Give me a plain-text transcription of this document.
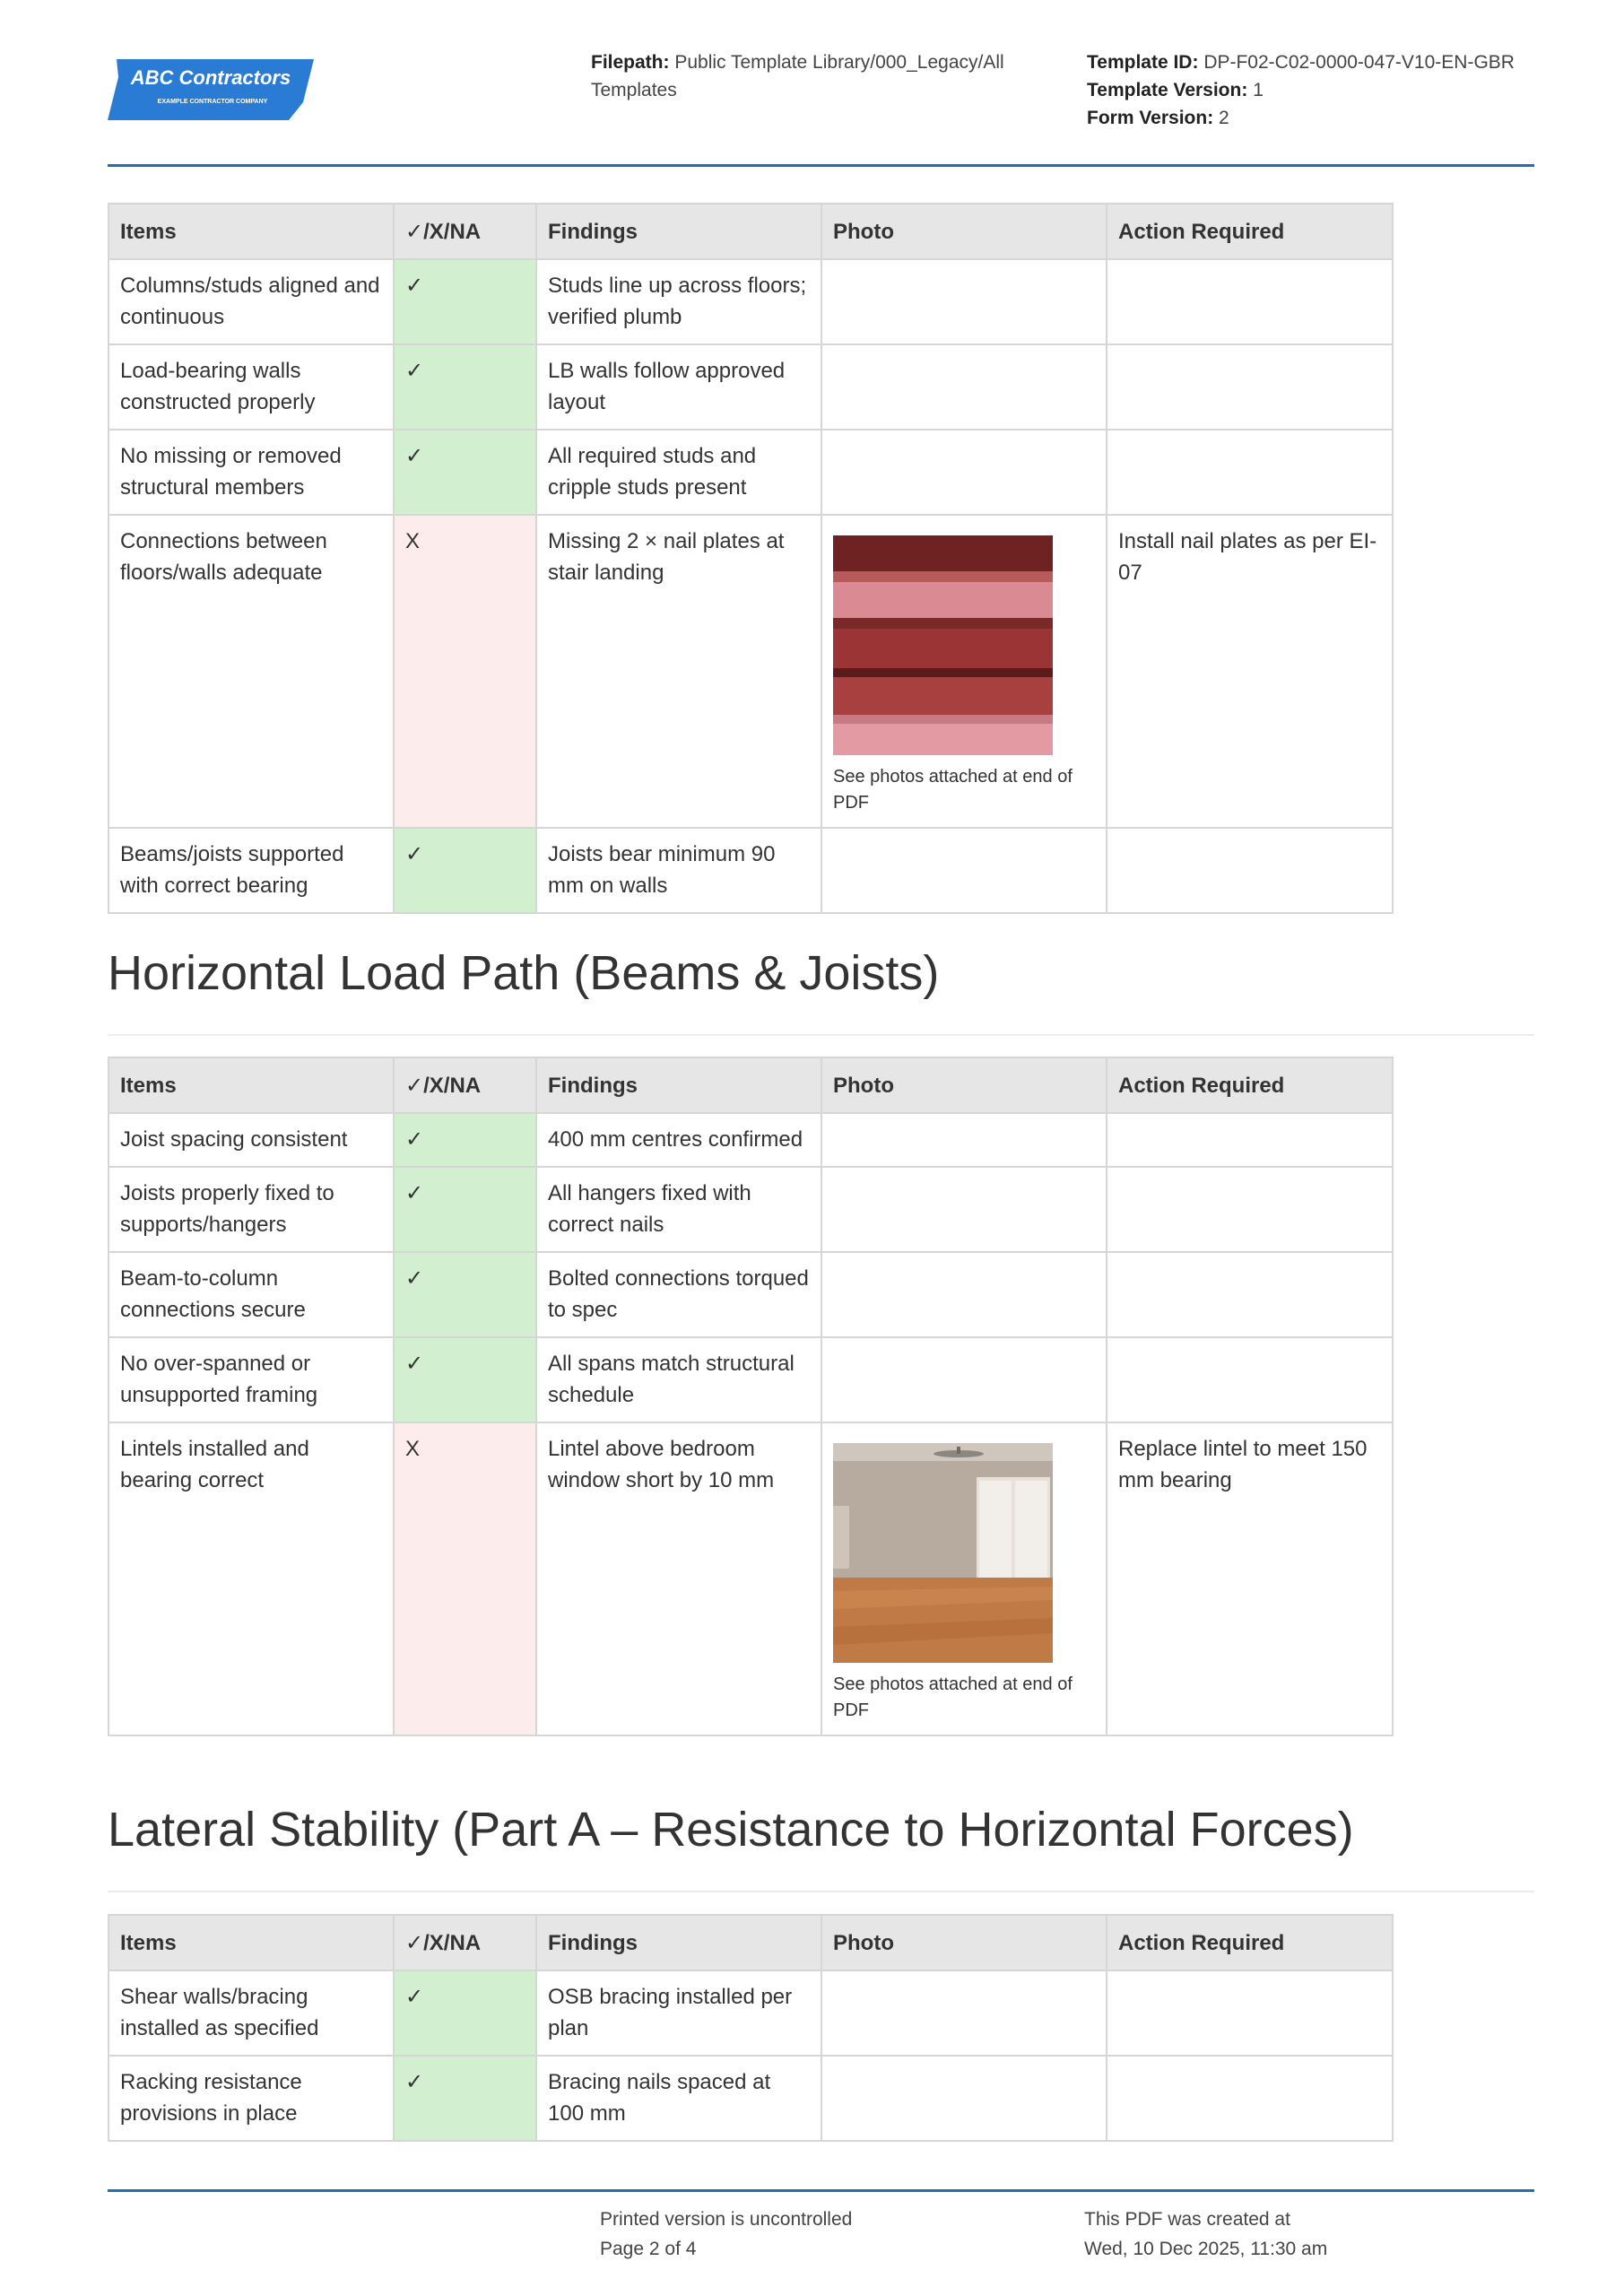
ABC Contractors
EXAMPLE CONTRACTOR COMPANY
Filepath: Public Template Library/000_Legacy/All Templates
Template ID: DP-F02-C02-0000-047-V10-EN-GBR
Template Version: 1
Form Version: 2
Items	✓/X/NA	Findings	Photo	Action Required
Columns/studs aligned and continuous	✓	Studs line up across floors; verified plumb		
Load-bearing walls constructed properly	✓	LB walls follow approved layout		
No missing or removed structural members	✓	All required studs and cripple studs present		
Connections between floors/walls adequate	X	Missing 2 × nail plates at stair landing	See photos attached at end of PDF	Install nail plates as per EI-07
Beams/joists supported with correct bearing	✓	Joists bear minimum 90 mm on walls		
Horizontal Load Path (Beams & Joists)
Items	✓/X/NA	Findings	Photo	Action Required
Joist spacing consistent	✓	400 mm centres confirmed		
Joists properly fixed to supports/hangers	✓	All hangers fixed with correct nails		
Beam-to-column connections secure	✓	Bolted connections torqued to spec		
No over-spanned or unsupported framing	✓	All spans match structural schedule		
Lintels installed and bearing correct	X	Lintel above bedroom window short by 10 mm	See photos attached at end of PDF	Replace lintel to meet 150 mm bearing
Lateral Stability (Part A – Resistance to Horizontal Forces)
Items	✓/X/NA	Findings	Photo	Action Required
Shear walls/bracing installed as specified	✓	OSB bracing installed per plan		
Racking resistance provisions in place	✓	Bracing nails spaced at 100 mm		
Printed version is uncontrolled
Page 2 of 4
This PDF was created at
Wed, 10 Dec 2025, 11:30 am
